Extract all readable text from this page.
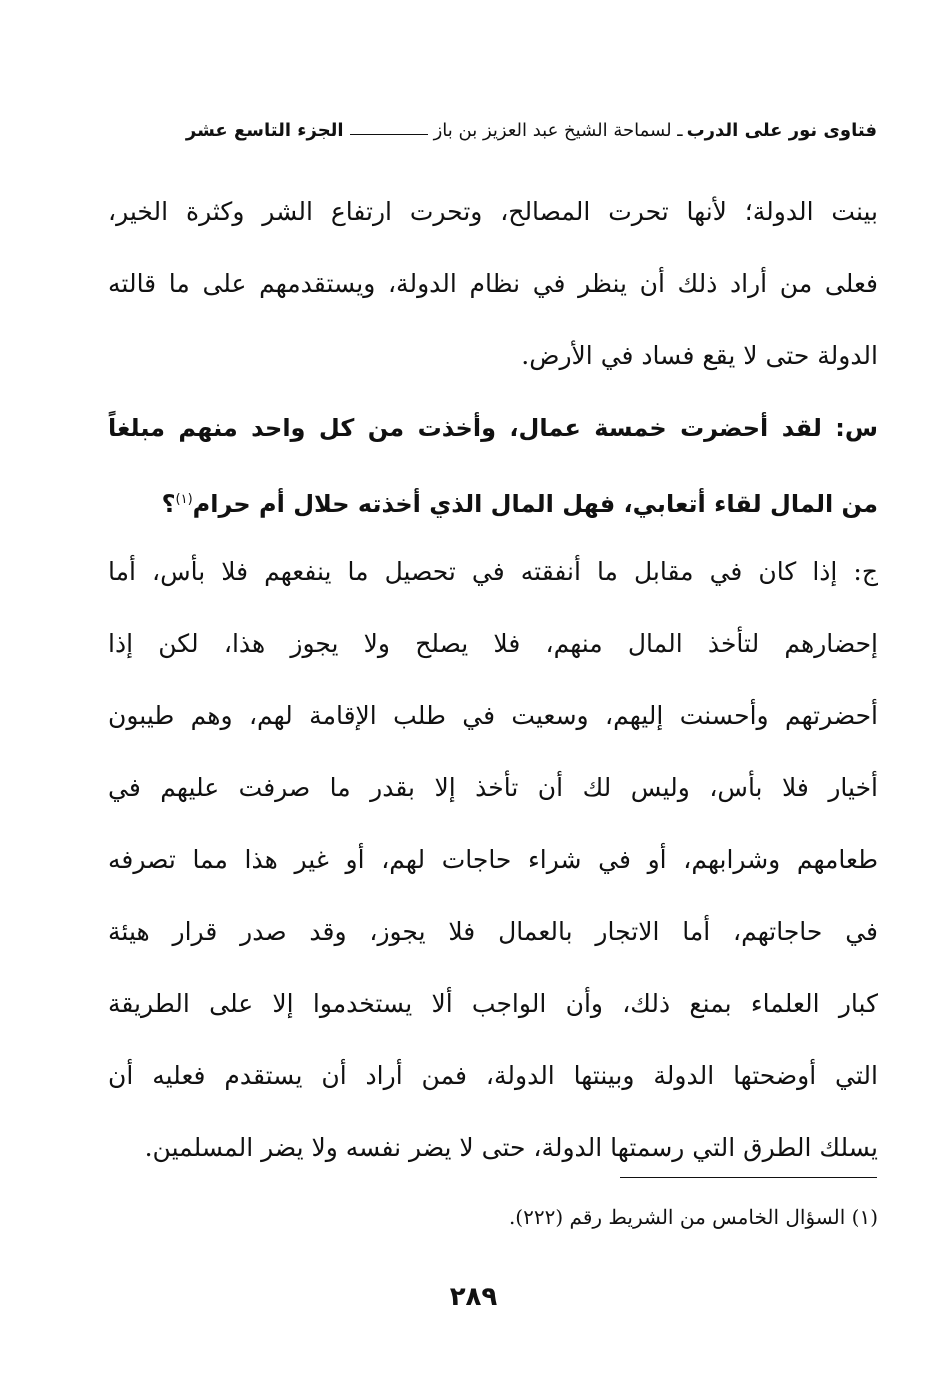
فتاوى نور على الدرب
ـ لسماحة الشيخ عبد العزيز بن باز
الجزء التاسع عشر
بينت الدولة؛ لأنها تحرت المصالح، وتحرت ارتفاع الشر وكثرة الخير،
فعلى من أراد ذلك أن ينظر في نظام الدولة، ويستقدمهم على ما قالته
الدولة حتى لا يقع فساد في الأرض.
س: لقد أحضرت خمسة عمال، وأخذت من كل واحد منهم مبلغاً
من المال لقاء أتعابي، فهل المال الذي أخذته حلال أم حرام$^{(١)}$؟
ج: إذا كان في مقابل ما أنفقته في تحصيل ما ينفعهم فلا بأس، أما
إحضارهم لتأخذ المال منهم، فلا يصلح ولا يجوز هذا، لكن إذا
أحضرتهم وأحسنت إليهم، وسعيت في طلب الإقامة لهم، وهم طيبون
أخيار فلا بأس، وليس لك أن تأخذ إلا بقدر ما صرفت عليهم في
طعامهم وشرابهم، أو في شراء حاجات لهم، أو غير هذا مما تصرفه
في حاجاتهم، أما الاتجار بالعمال فلا يجوز، وقد صدر قرار هيئة
كبار العلماء بمنع ذلك، وأن الواجب ألا يستخدموا إلا على الطريقة
التي أوضحتها الدولة وبينتها الدولة، فمن أراد أن يستقدم فعليه أن
يسلك الطرق التي رسمتها الدولة، حتى لا يضر نفسه ولا يضر المسلمين.
(١) السؤال الخامس من الشريط رقم (٢٢٢).
٢٨٩
